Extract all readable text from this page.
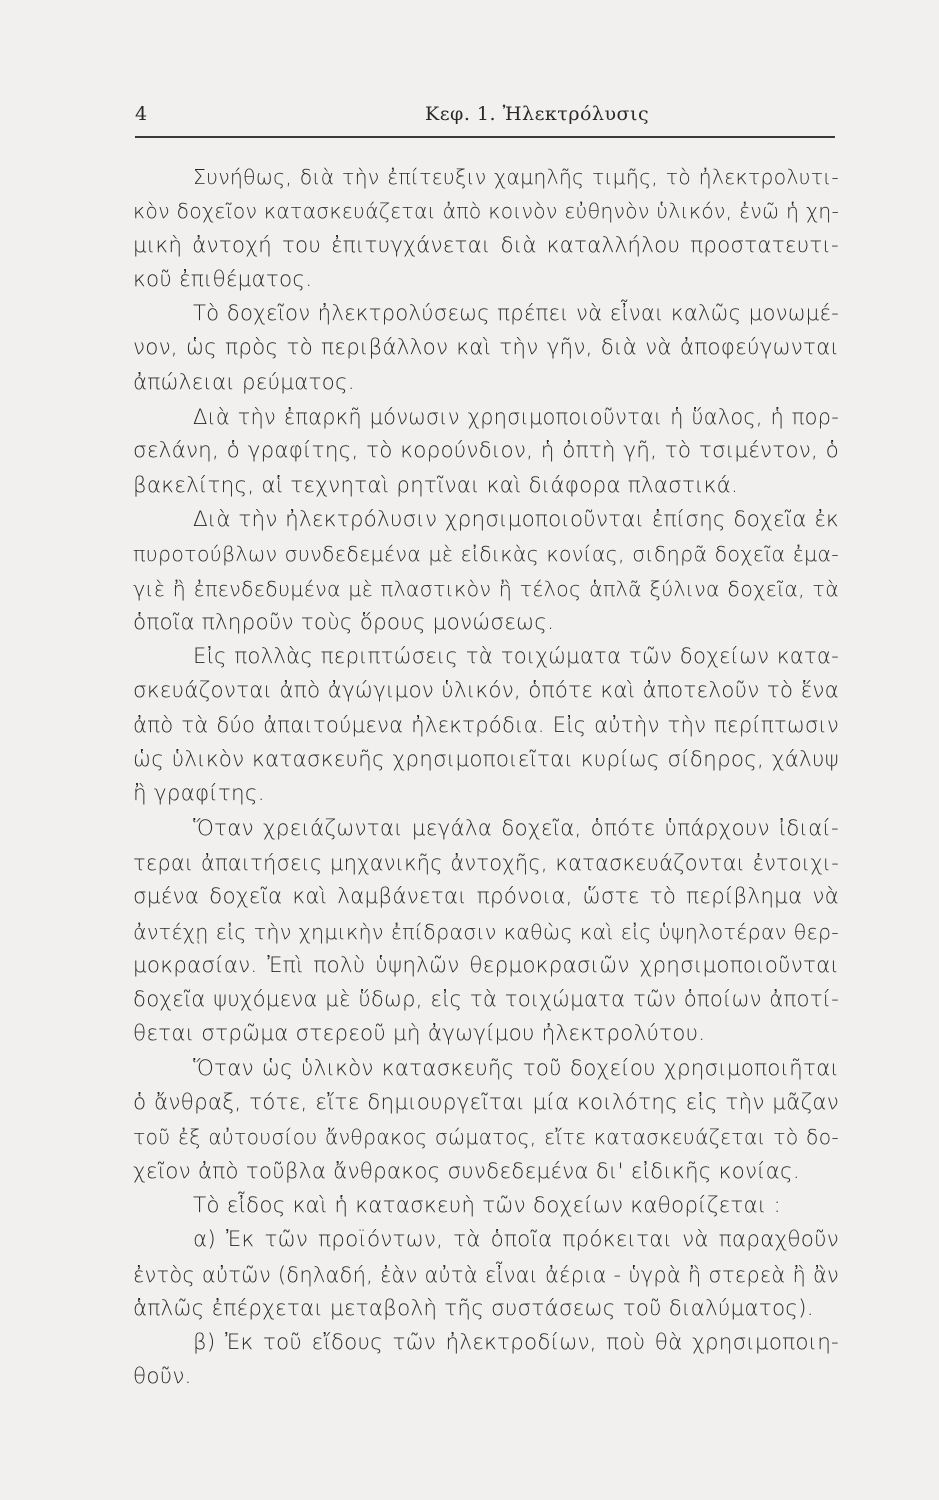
4	Κεφ. 1. Ἠλεκτρόλυσις
Συνήθως, διὰ τὴν ἐπίτευξιν χαμηλῆς τιμῆς, τὸ ἠλεκτρολυτι-
κὸν δοχεῖον κατασκευάζεται ἀπὸ κοινὸν εὐθηνὸν ὑλικόν, ἐνῶ ἡ χη-
μικὴ ἀντοχή του ἐπιτυγχάνεται διὰ καταλλήλου προστατευτι-
κοῦ ἐπιθέματος.
Τὸ δοχεῖον ἠλεκτρολύσεως πρέπει νὰ εἶναι καλῶς μονωμέ-
νον, ὡς πρὸς τὸ περιβάλλον καὶ τὴν γῆν, διὰ νὰ ἀποφεύγωνται
ἀπώλειαι ρεύματος.
Διὰ τὴν ἐπαρκῆ μόνωσιν χρησιμοποιοῦνται ἡ ὕαλος, ἡ πορ-
σελάνη, ὁ γραφίτης, τὸ κορούνδιον, ἡ ὀπτὴ γῆ, τὸ τσιμέντον, ὁ
βακελίτης, αἱ τεχνηταὶ ρητῖναι καὶ διάφορα πλαστικά.
Διὰ τὴν ἠλεκτρόλυσιν χρησιμοποιοῦνται ἐπίσης δοχεῖα ἐκ
πυροτούβλων συνδεδεμένα μὲ εἰδικὰς κονίας, σιδηρᾶ δοχεῖα ἐμα-
γιὲ ἢ ἐπενδεδυμένα μὲ πλαστικὸν ἢ τέλος ἁπλᾶ ξύλινα δοχεῖα, τὰ
ὁποῖα πληροῦν τοὺς ὅρους μονώσεως.
Εἰς πολλὰς περιπτώσεις τὰ τοιχώματα τῶν δοχείων κατα-
σκευάζονται ἀπὸ ἀγώγιμον ὑλικόν, ὁπότε καὶ ἀποτελοῦν τὸ ἕνα
ἀπὸ τὰ δύο ἀπαιτούμενα ἠλεκτρόδια. Εἰς αὐτὴν τὴν περίπτωσιν
ὡς ὑλικὸν κατασκευῆς χρησιμοποιεῖται κυρίως σίδηρος, χάλυψ
ἢ γραφίτης.
Ὅταν χρειάζωνται μεγάλα δοχεῖα, ὁπότε ὑπάρχουν ἰδιαί-
τεραι ἀπαιτήσεις μηχανικῆς ἀντοχῆς, κατασκευάζονται ἐντοιχι-
σμένα δοχεῖα καὶ λαμβάνεται πρόνοια, ὥστε τὸ περίβλημα νὰ
ἀντέχῃ εἰς τὴν χημικὴν ἐπίδρασιν καθὼς καὶ εἰς ὑψηλοτέραν θερ-
μοκρασίαν. Ἐπὶ πολὺ ὑψηλῶν θερμοκρασιῶν χρησιμοποιοῦνται
δοχεῖα ψυχόμενα μὲ ὕδωρ, εἰς τὰ τοιχώματα τῶν ὁποίων ἀποτί-
θεται στρῶμα στερεοῦ μὴ ἀγωγίμου ἠλεκτρολύτου.
Ὅταν ὡς ὑλικὸν κατασκευῆς τοῦ δοχείου χρησιμοποιῆται
ὁ ἄνθραξ, τότε, εἴτε δημιουργεῖται μία κοιλότης εἰς τὴν μᾶζαν
τοῦ ἐξ αὐτουσίου ἄνθρακος σώματος, εἴτε κατασκευάζεται τὸ δο-
χεῖον ἀπὸ τοῦβλα ἄνθρακος συνδεδεμένα δι' εἰδικῆς κονίας.
Τὸ εἶδος καὶ ἡ κατασκευὴ τῶν δοχείων καθορίζεται :
α) Ἐκ τῶν προϊόντων, τὰ ὁποῖα πρόκειται νὰ παραχθοῦν
ἐντὸς αὐτῶν (δηλαδή, ἐὰν αὐτὰ εἶναι ἀέρια - ὑγρὰ ἢ στερεὰ ἢ ἂν
ἁπλῶς ἐπέρχεται μεταβολὴ τῆς συστάσεως τοῦ διαλύματος).
β) Ἐκ τοῦ εἴδους τῶν ἠλεκτροδίων, ποὺ θὰ χρησιμοποιη-
θοῦν.
